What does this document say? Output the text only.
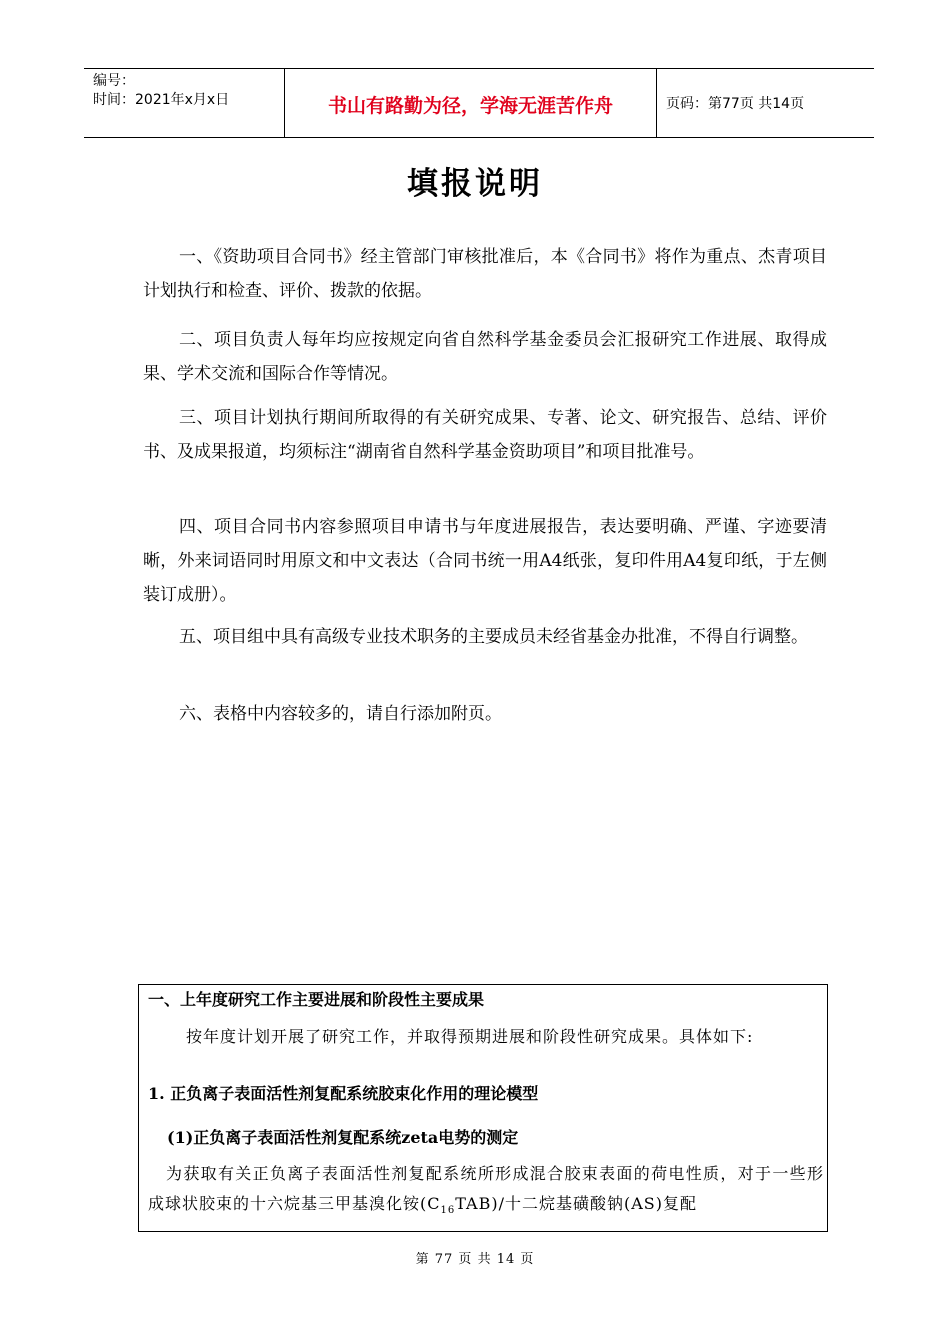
编号：
时间：2021年x月x日	书山有路勤为径，学海无涯苦作舟	页码：第77页 共14页
填报说明

一、《资助项目合同书》经主管部门审核批准后，本《合同书》将作为重点、杰青项目计划执行和检查、评价、拨款的依据。

二、项目负责人每年均应按规定向省自然科学基金委员会汇报研究工作进展、取得成果、学术交流和国际合作等情况。

三、项目计划执行期间所取得的有关研究成果、专著、论文、研究报告、总结、评价书、及成果报道，均须标注“湖南省自然科学基金资助项目”和项目批准号。

四、项目合同书内容参照项目申请书与年度进展报告，表达要明确、严谨、字迹要清晰，外来词语同时用原文和中文表达（合同书统一用A4纸张，复印件用A4复印纸，于左侧装订成册）。

五、项目组中具有高级专业技术职务的主要成员未经省基金办批准，不得自行调整。

六、表格中内容较多的，请自行添加附页。

一、上年度研究工作主要进展和阶段性主要成果
按年度计划开展了研究工作，并取得预期进展和阶段性研究成果。具体如下:
1. 正负离子表面活性剂复配系统胶束化作用的理论模型
(1)正负离子表面活性剂复配系统zeta电势的测定
为获取有关正负离子表面活性剂复配系统所形成混合胶束表面的荷电性质，对于一些形成球状胶束的十六烷基三甲基溴化铵$(C_{16}TAB)/$十二烷基磺酸钠(AS)复配
第 77 页 共 14 页
